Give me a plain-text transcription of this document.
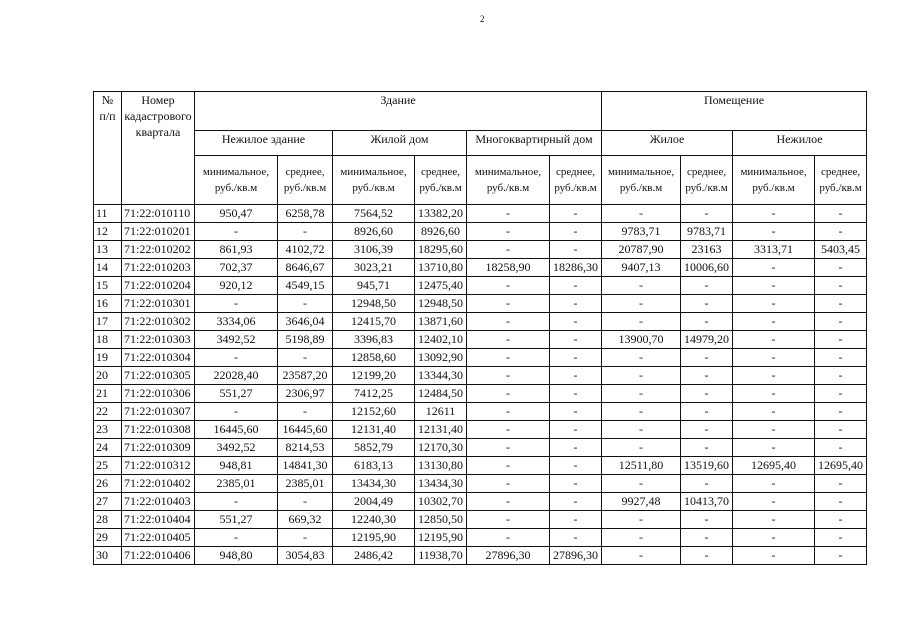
2
№ п/п	Номер кадастрового квартала	Здание						Помещение			
		Нежилое здание		Жилой дом		Многоквартирный дом		Жилое		Нежилое	
		минимальное, руб./кв.м	среднее, руб./кв.м	минимальное, руб./кв.м	среднее, руб./кв.м	минимальное, руб./кв.м	среднее, руб./кв.м	минимальное, руб./кв.м	среднее, руб./кв.м	минимальное, руб./кв.м	среднее, руб./кв.м
11	71:22:010110	950,47	6258,78	7564,52	13382,20	-	-	-	-	-	-
12	71:22:010201	-	-	8926,60	8926,60	-	-	9783,71	9783,71	-	-
13	71:22:010202	861,93	4102,72	3106,39	18295,60	-	-	20787,90	23163	3313,71	5403,45
14	71:22:010203	702,37	8646,67	3023,21	13710,80	18258,90	18286,30	9407,13	10006,60	-	-
15	71:22:010204	920,12	4549,15	945,71	12475,40	-	-	-	-	-	-
16	71:22:010301	-	-	12948,50	12948,50	-	-	-	-	-	-
17	71:22:010302	3334,06	3646,04	12415,70	13871,60	-	-	-	-	-	-
18	71:22:010303	3492,52	5198,89	3396,83	12402,10	-	-	13900,70	14979,20	-	-
19	71:22:010304	-	-	12858,60	13092,90	-	-	-	-	-	-
20	71:22:010305	22028,40	23587,20	12199,20	13344,30	-	-	-	-	-	-
21	71:22:010306	551,27	2306,97	7412,25	12484,50	-	-	-	-	-	-
22	71:22:010307	-	-	12152,60	12611	-	-	-	-	-	-
23	71:22:010308	16445,60	16445,60	12131,40	12131,40	-	-	-	-	-	-
24	71:22:010309	3492,52	8214,53	5852,79	12170,30	-	-	-	-	-	-
25	71:22:010312	948,81	14841,30	6183,13	13130,80	-	-	12511,80	13519,60	12695,40	12695,40
26	71:22:010402	2385,01	2385,01	13434,30	13434,30	-	-	-	-	-	-
27	71:22:010403	-	-	2004,49	10302,70	-	-	9927,48	10413,70	-	-
28	71:22:010404	551,27	669,32	12240,30	12850,50	-	-	-	-	-	-
29	71:22:010405	-	-	12195,90	12195,90	-	-	-	-	-	-
30	71:22:010406	948,80	3054,83	2486,42	11938,70	27896,30	27896,30	-	-	-	-
